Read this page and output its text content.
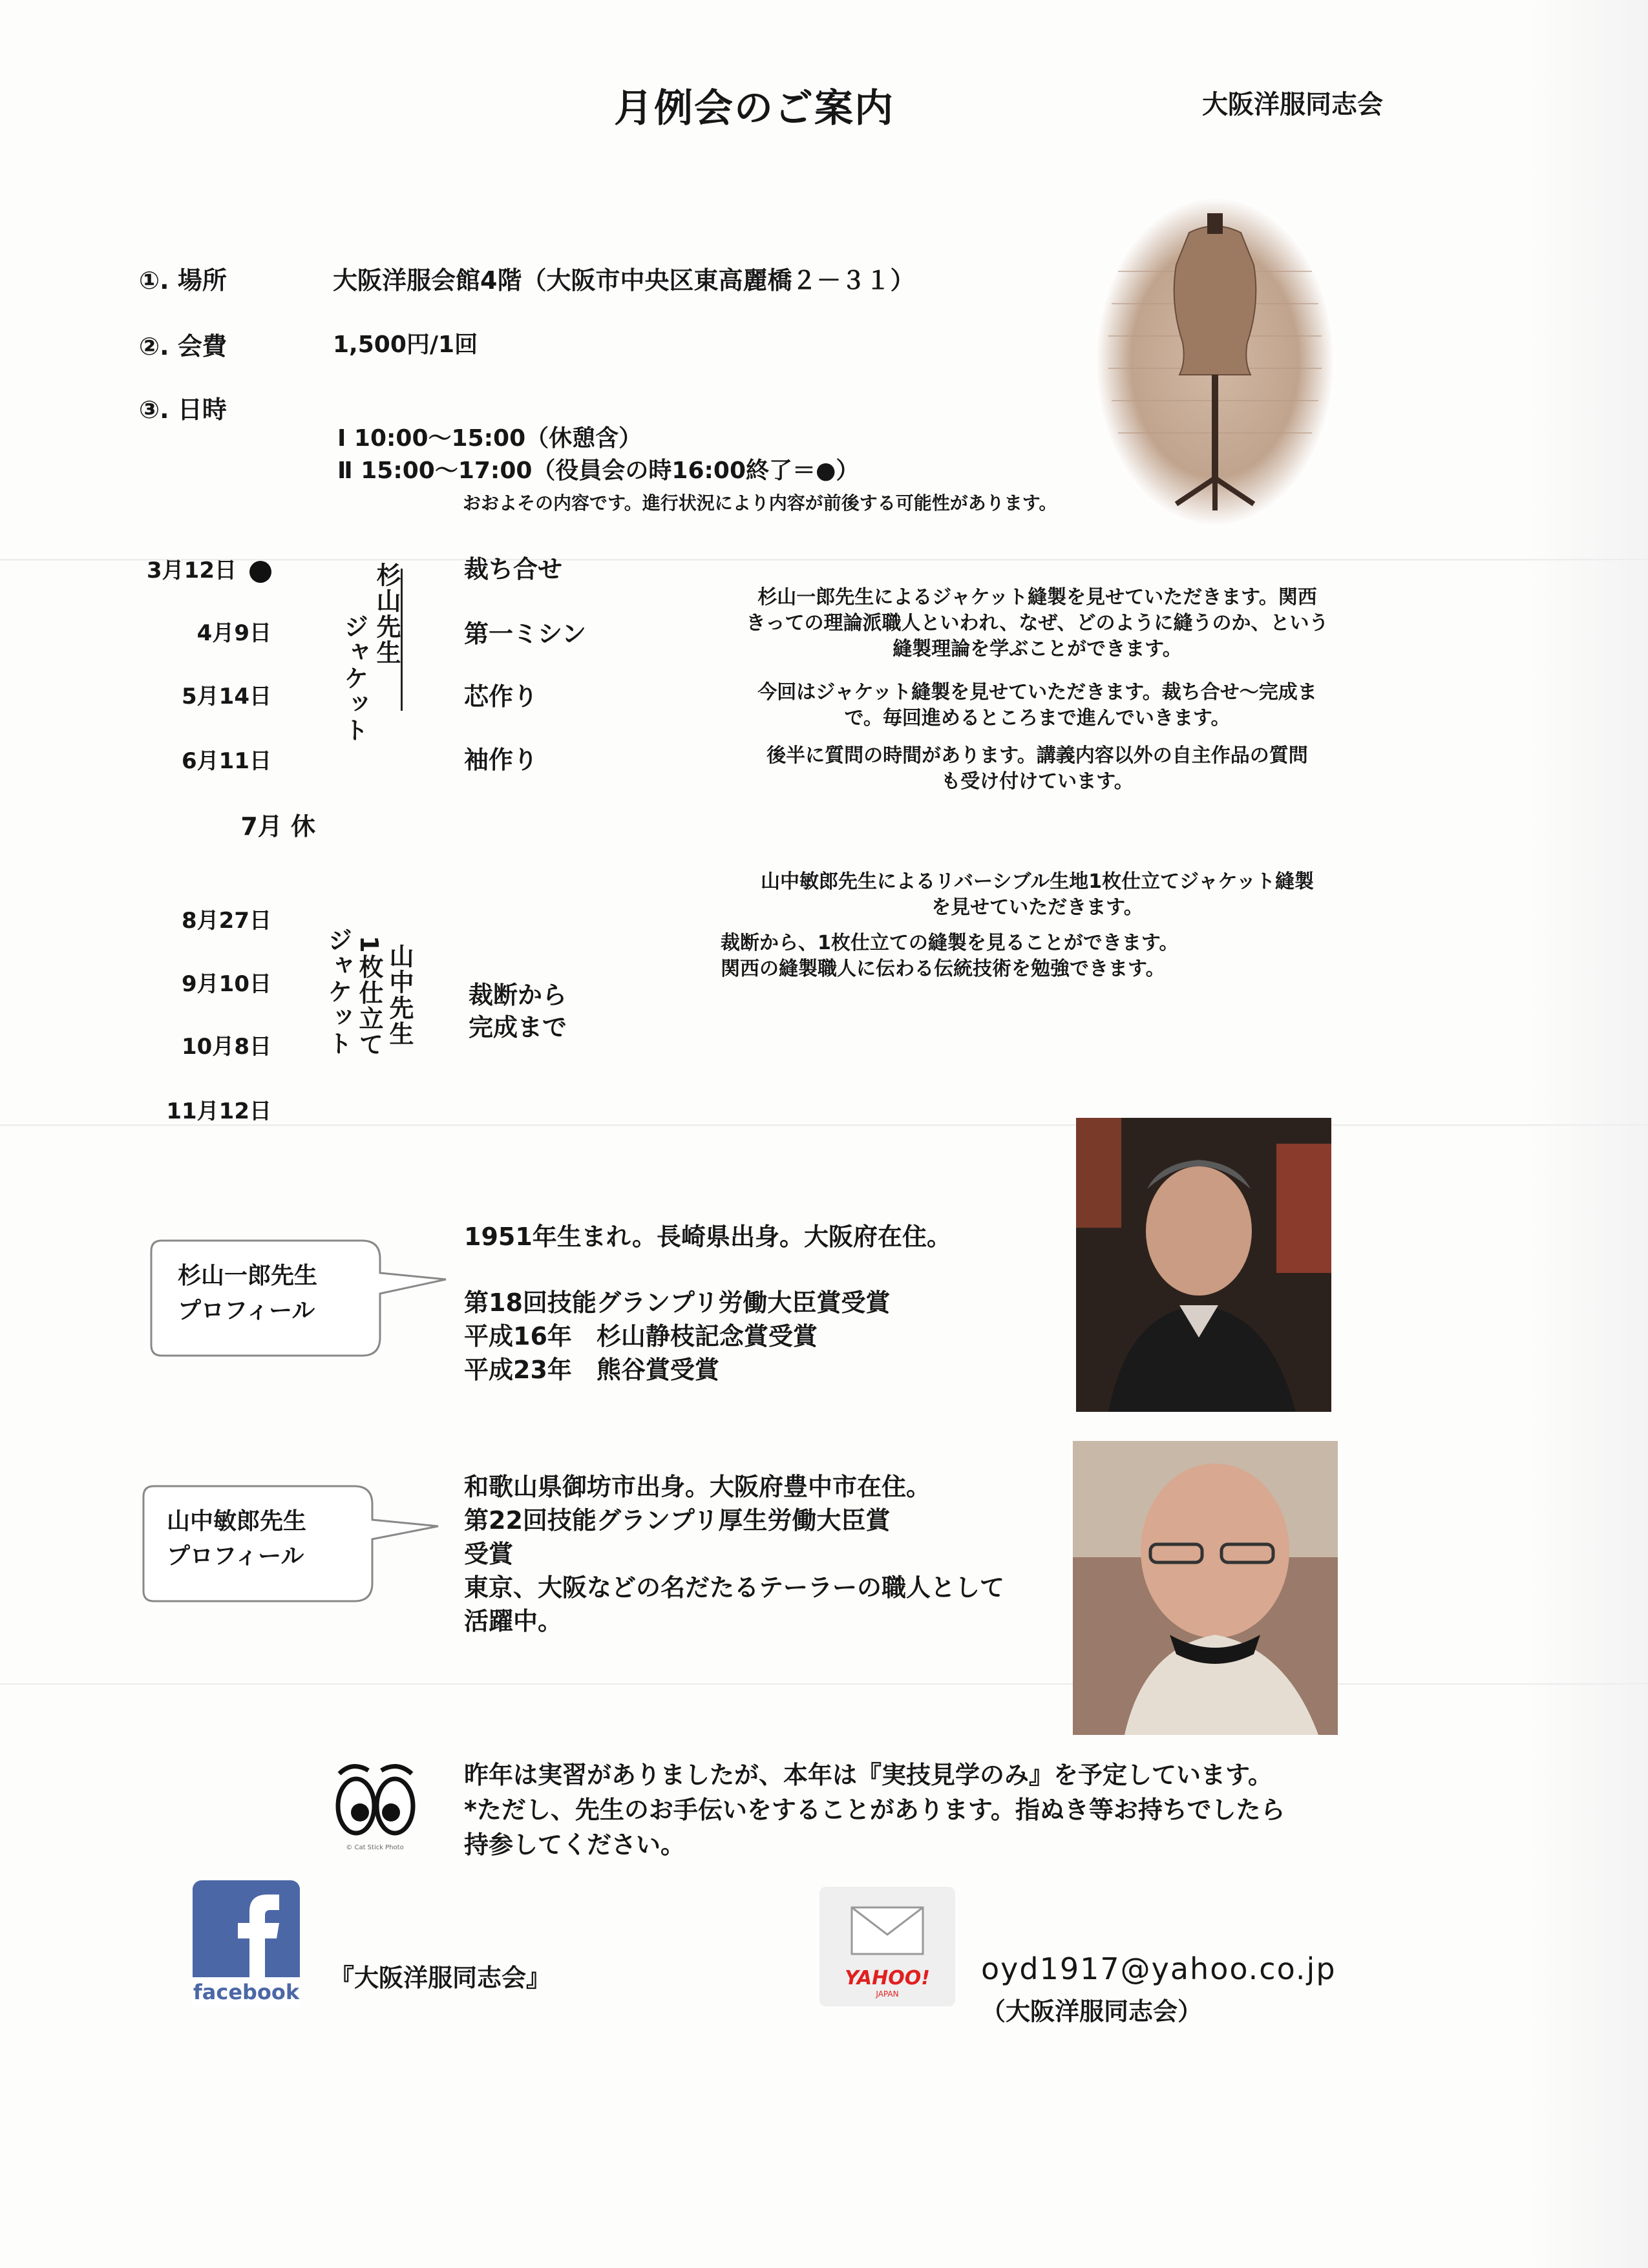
月例会のご案内	大阪洋服同志会
①. 場所	大阪洋服会館4階（大阪市中央区東高麗橋２－３１）
②. 会費	1,500円/1回
③. 日時
Ⅰ 10:00～15:00（休憩含）
Ⅱ 15:00～17:00（役員会の時16:00終了＝●）
おおよその内容です。進行状況により内容が前後する可能性があります。
3月12日	裁ち合せ
4月9日	第一ミシン
5月14日	芯作り
6月11日	袖作り
7月 休
杉山先生
ジャケット
杉山一郎先生によるジャケット縫製を見せていただきます。関西
きっての理論派職人といわれ、なぜ、どのように縫うのか、という
縫製理論を学ぶことができます。
今回はジャケット縫製を見せていただきます。裁ち合せ～完成ま
で。毎回進めるところまで進んでいきます。
後半に質問の時間があります。講義内容以外の自主作品の質問
も受け付けています。
8月27日
9月10日
10月8日
11月12日
山中先生
1枚仕立て
ジャケット	裁断から
完成まで
山中敏郎先生によるリバーシブル生地1枚仕立てジャケット縫製
を見せていただきます。
裁断から、1枚仕立ての縫製を見ることができます。
関西の縫製職人に伝わる伝統技術を勉強できます。
杉山一郎先生
プロフィール
1951年生まれ。長崎県出身。大阪府在住。
第18回技能グランプリ労働大臣賞受賞
平成16年　杉山静枝記念賞受賞
平成23年　熊谷賞受賞
山中敏郎先生
プロフィール
和歌山県御坊市出身。大阪府豊中市在住。
第22回技能グランプリ厚生労働大臣賞
受賞
東京、大阪などの名だたるテーラーの職人として
活躍中。
© Cat Stick Photo
昨年は実習がありましたが、本年は『実技見学のみ』を予定しています。
*ただし、先生のお手伝いをすることがあります。指ぬき等お持ちでしたら
持参してください。
facebook 『大阪洋服同志会』	YAHOO!
JAPAN
oyd1917@yahoo.co.jp
（大阪洋服同志会）
